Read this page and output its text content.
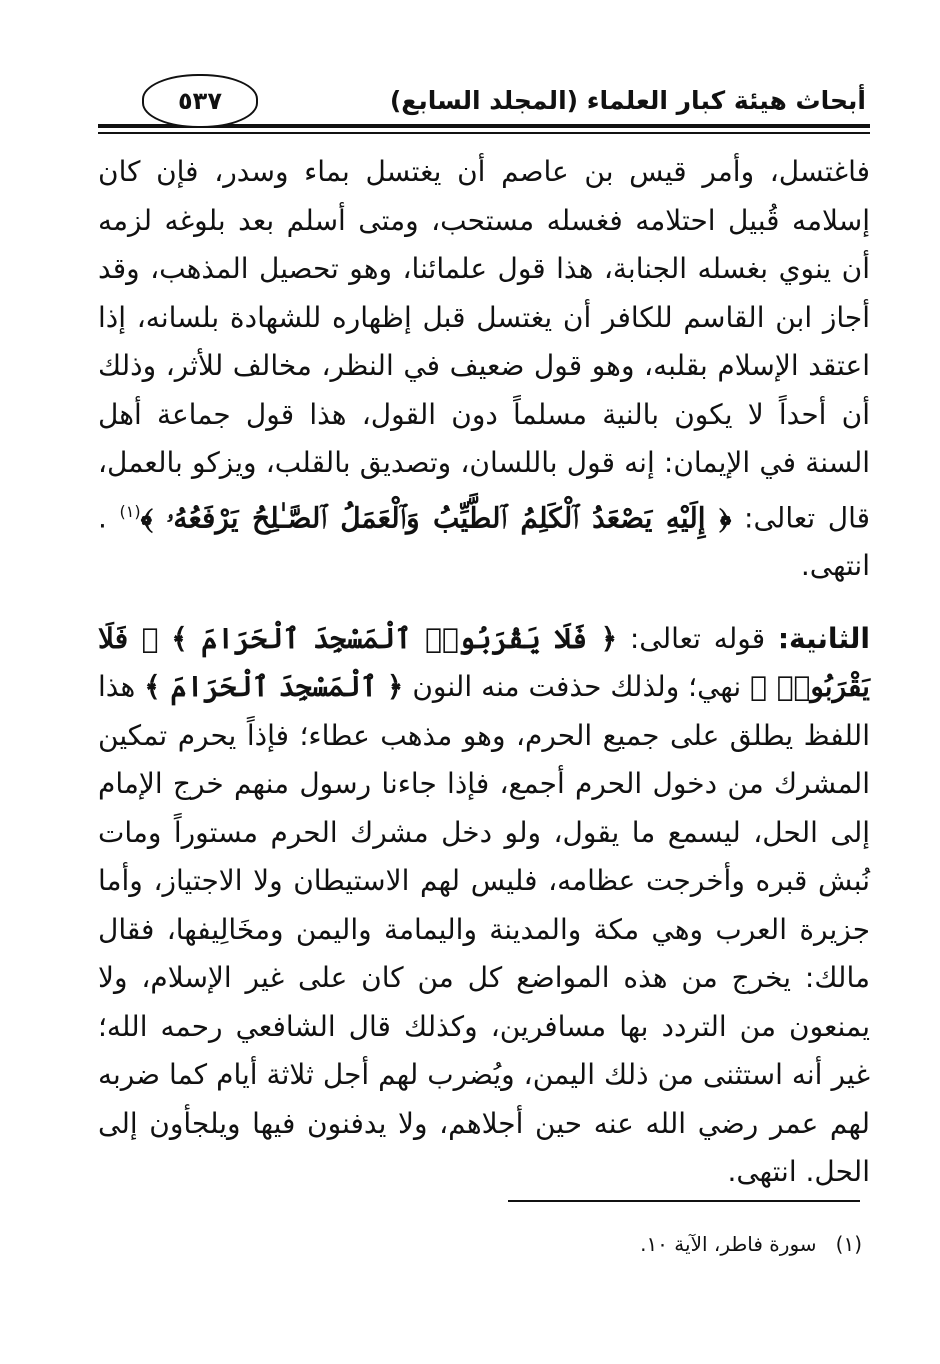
٥٣٧	أبحاث هيئة كبار العلماء (المجلد السابع)

فاغتسل، وأمر قيس بن عاصم أن يغتسل بماء وسدر، فإن كان إسلامه قُبيل احتلامه فغسله مستحب، ومتى أسلم بعد بلوغه لزمه أن ينوي بغسله الجنابة، هذا قول علمائنا، وهو تحصيل المذهب، وقد أجاز ابن القاسم للكافر أن يغتسل قبل إظهاره للشهادة بلسانه، إذا اعتقد الإسلام بقلبه، وهو قول ضعيف في النظر، مخالف للأثر، وذلك أن أحداً لا يكون بالنية مسلماً دون القول، هذا قول جماعة أهل السنة في الإيمان: إنه قول باللسان، وتصديق بالقلب، ويزكو بالعمل، قال تعالى: ﴿ إِلَيْهِ يَصْعَدُ ٱلْكَلِمُ ٱلطَّيِّبُ وَٱلْعَمَلُ ٱلصَّـٰلِحُ يَرْفَعُهُۥ ﴾$^{(١)}$ . انتهى.

الثانية: قوله تعالى: ﴿ فَلَا يَقْرَبُوا۟ ٱلْمَسْجِدَ ٱلْحَرَامَ ﴾ ﴿ فَلَا يَقْرَبُوا۟ ﴾ نهي؛ ولذلك حذفت منه النون ﴿ ٱلْمَسْجِدَ ٱلْحَرَامَ ﴾ هذا اللفظ يطلق على جميع الحرم، وهو مذهب عطاء؛ فإذاً يحرم تمكين المشرك من دخول الحرم أجمع، فإذا جاءنا رسول منهم خرج الإمام إلى الحل، ليسمع ما يقول، ولو دخل مشرك الحرم مستوراً ومات نُبش قبره وأخرجت عظامه، فليس لهم الاستيطان ولا الاجتياز، وأما جزيرة العرب وهي مكة والمدينة واليمامة واليمن ومخَالِيفها، فقال مالك: يخرج من هذه المواضع كل من كان على غير الإسلام، ولا يمنعون من التردد بها مسافرين، وكذلك قال الشافعي رحمه الله؛ غير أنه استثنى من ذلك اليمن، ويُضرب لهم أجل ثلاثة أيام كما ضربه لهم عمر رضي الله عنه حين أجلاهم، ولا يدفنون فيها ويلجأون إلى الحل. انتهى.

(١)   سورة فاطر، الآية ١٠.
